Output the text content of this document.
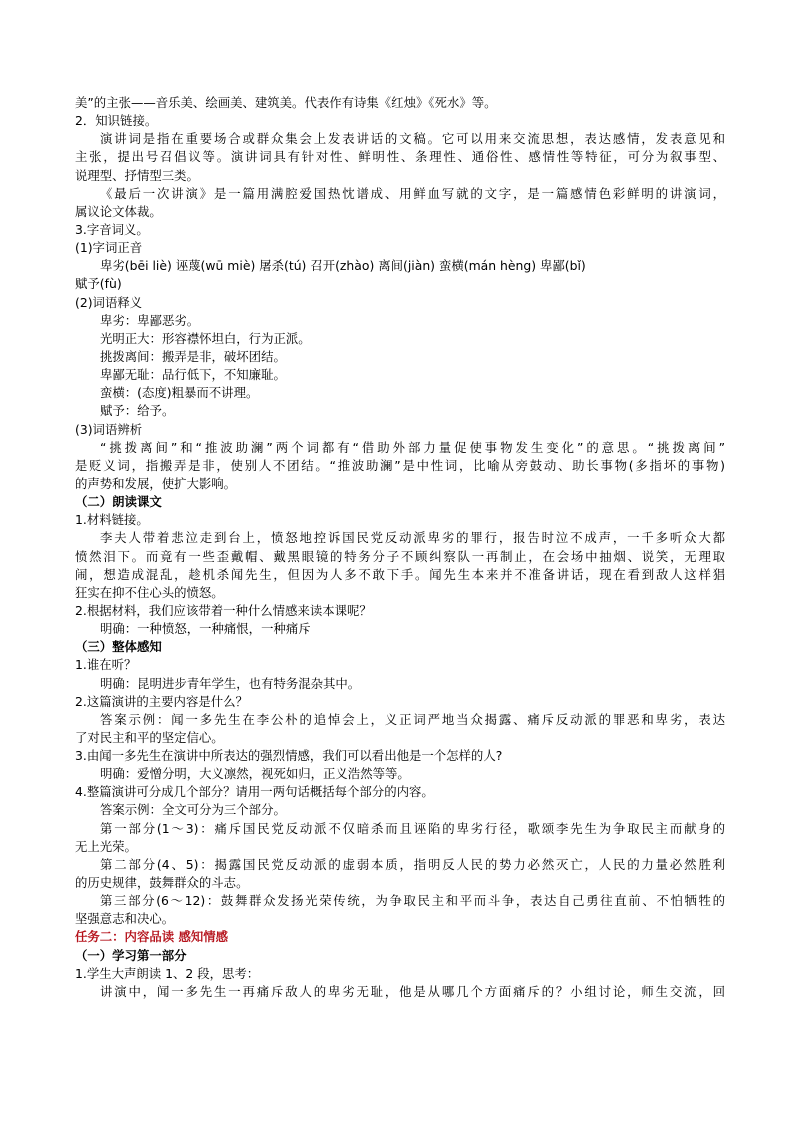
美”的主张——音乐美、绘画美、建筑美。代表作有诗集《红烛》《死水》等。
2．知识链接。
演讲词是指在重要场合或群众集会上发表讲话的文稿。它可以用来交流思想，表达感情，发表意见和
主张，提出号召倡议等。演讲词具有针对性、鲜明性、条理性、通俗性、感情性等特征，可分为叙事型、
说理型、抒情型三类。
《最后一次讲演》是一篇用满腔爱国热忱谱成、用鲜血写就的文字，是一篇感情色彩鲜明的讲演词，
属议论文体裁。
3.字音词义。
(1)字词正音
卑劣(bēi liè) 诬蔑(wū miè) 屠杀(tú) 召开(zhào) 离间(jiàn) 蛮横(mán hèng) 卑鄙(bǐ)
赋予(fù)
(2)词语释义
卑劣：卑鄙恶劣。
光明正大：形容襟怀坦白，行为正派。
挑拨离间：搬弄是非，破坏团结。
卑鄙无耻：品行低下，不知廉耻。
蛮横：(态度)粗暴而不讲理。
赋予：给予。
(3)词语辨析
“挑拨离间”和“推波助澜”两个词都有“借助外部力量促使事物发生变化”的意思。“挑拨离间”
是贬义词，指搬弄是非，使别人不团结。“推波助澜”是中性词，比喻从旁鼓动、助长事物(多指坏的事物)
的声势和发展，使扩大影响。
（二）朗读课文
1.材料链接。
李夫人带着悲泣走到台上，愤怒地控诉国民党反动派卑劣的罪行，报告时泣不成声，一千多听众大都
愤然泪下。而竟有一些歪戴帽、戴黑眼镜的特务分子不顾纠察队一再制止，在会场中抽烟、说笑，无理取
闹，想造成混乱，趁机杀闻先生，但因为人多不敢下手。闻先生本来并不准备讲话，现在看到敌人这样猖
狂实在抑不住心头的愤怒。
2.根据材料，我们应该带着一种什么情感来读本课呢？
明确：一种愤怒，一种痛恨，一种痛斥
（三）整体感知
1.谁在听？
明确：昆明进步青年学生，也有特务混杂其中。
2.这篇演讲的主要内容是什么？
答案示例：闻一多先生在李公朴的追悼会上，义正词严地当众揭露、痛斥反动派的罪恶和卑劣，表达
了对民主和平的坚定信心。
3.由闻一多先生在演讲中所表达的强烈情感，我们可以看出他是一个怎样的人?
明确：爱憎分明，大义凛然，视死如归，正义浩然等等。
4.整篇演讲可分成几个部分？请用一两句话概括每个部分的内容。
答案示例：全文可分为三个部分。
第一部分(1～3)：痛斥国民党反动派不仅暗杀而且诬陷的卑劣行径，歌颂李先生为争取民主而献身的
无上光荣。
第二部分(4、5)：揭露国民党反动派的虚弱本质，指明反人民的势力必然灭亡，人民的力量必然胜利
的历史规律，鼓舞群众的斗志。
第三部分(6～12)：鼓舞群众发扬光荣传统，为争取民主和平而斗争，表达自己勇往直前、不怕牺牲的
坚强意志和决心。
任务二：内容品读 感知情感
（一）学习第一部分
1.学生大声朗读 1、2 段，思考：
讲演中，闻一多先生一再痛斥敌人的卑劣无耻，他是从哪几个方面痛斥的？小组讨论，师生交流，回
